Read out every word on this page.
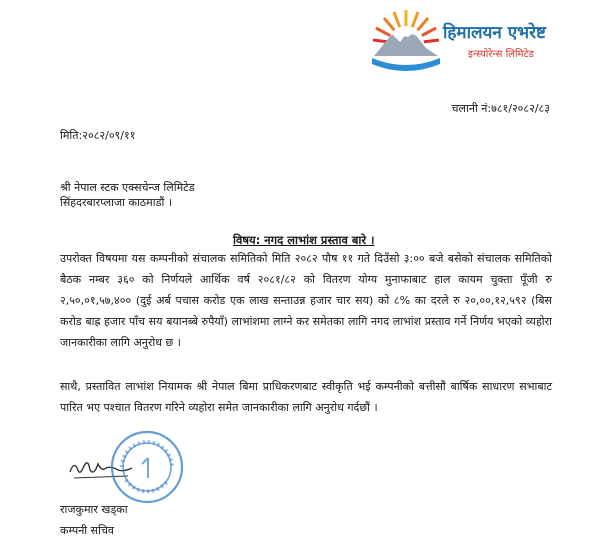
हिमालयन एभरेष्ट
इन्स्योरेन्स लिमिटेड
चलानी नं:७८१/२०८२/८३
मिति:२०८२/०९/११
श्री नेपाल स्टक एक्सचेन्ज लिमिटेड
सिंहदरबारप्लाजा काठमाडौं ।
विषय: नगद लाभांश प्रस्ताव बारे ।
उपरोक्त विषयमा यस कम्पनीको संचालक समितिको मिति २०८२ पौष ११ गते दिउँसो ३:०० बजे बसेको संचालक समितिको बैठक नम्बर ३६० को निर्णयले आर्थिक वर्ष २०८१/८२ को वितरण योग्य मुनाफाबाट हाल कायम चुक्ता पूँजी रु २,५०,०१,५७,४०० (दुई अर्ब पचास करोड एक लाख सन्ताउन्न हजार चार सय) को ८% का दरले रु २०,००,१२,५९२ (बिस करोड बाह्र हजार पाँच सय बयानब्बे रुपैयाँ) लाभांशमा लाग्ने कर समेतका लागि नगद लाभांश प्रस्ताव गर्ने निर्णय भएको व्यहोरा जानकारीका लागि अनुरोध छ ।
साथै, प्रस्तावित लाभांश नियामक श्री नेपाल बिमा प्राधिकरणबाट स्वीकृति भई कम्पनीको बत्तीसौं बार्षिक साधारण सभाबाट पारित भए पश्चात वितरण गरिने व्यहोरा समेत जानकारीका लागि अनुरोध गर्दछौं ।
राजकुमार खड्का
कम्पनी सचिव
